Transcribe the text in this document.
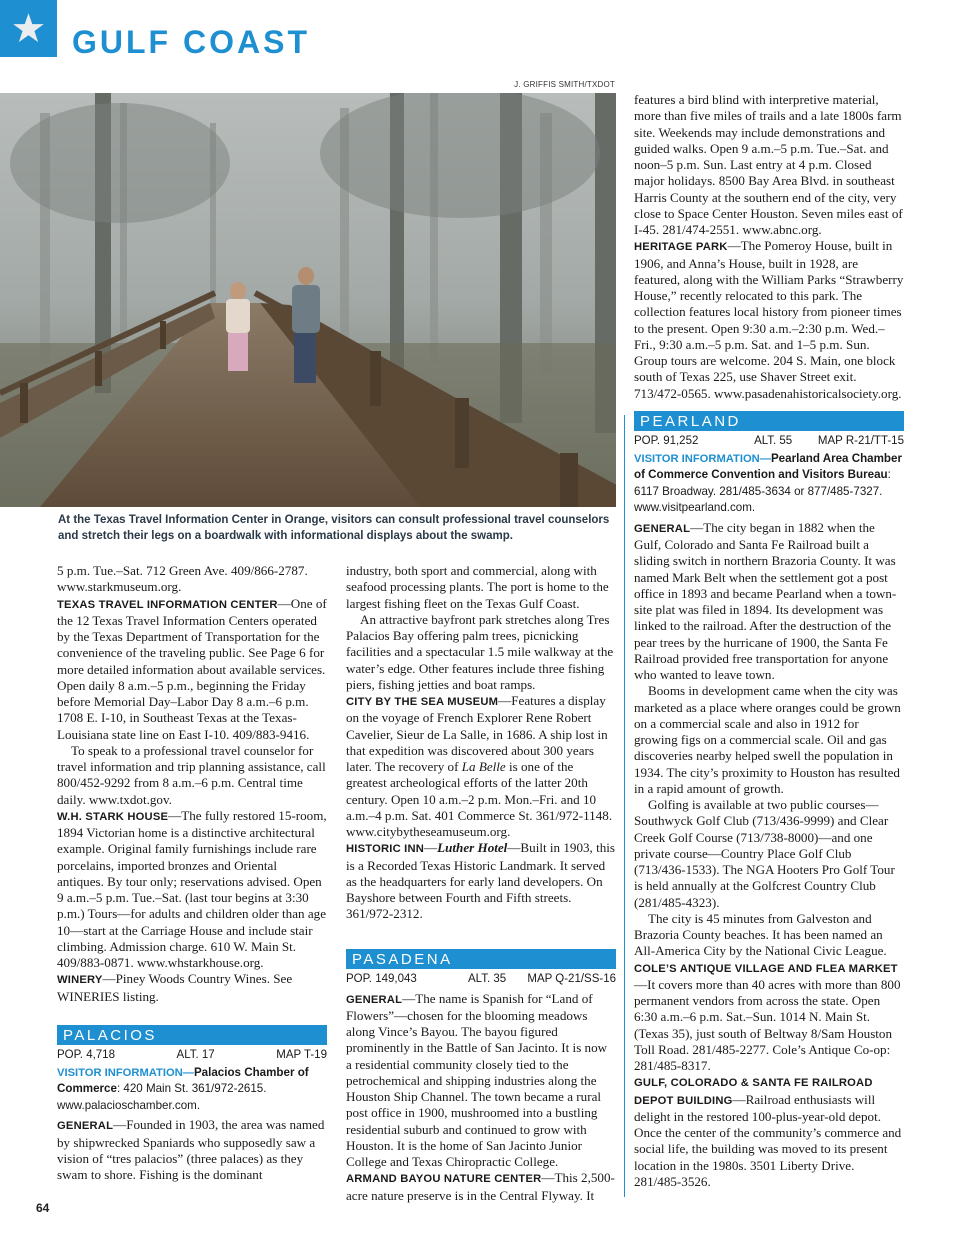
GULF COAST
J. GRIFFIS SMITH/TXDOT
At the Texas Travel Information Center in Orange, visitors can consult professional travel counselors and stretch their legs on a boardwalk with informational displays about the swamp.

5 p.m. Tue.–Sat. 712 Green Ave. 409/866-2787. www.starkmuseum.org.

TEXAS TRAVEL INFORMATION CENTER—One of the 12 Texas Travel Information Centers operated by the Texas Department of Transportation for the convenience of the traveling public. See Page 6 for more detailed information about available services. Open daily 8 a.m.–5 p.m., beginning the Friday before Memorial Day–Labor Day 8 a.m.–6 p.m. 1708 E. I-10, in Southeast Texas at the Texas-Louisiana state line on East I-10. 409/883-9416.

To speak to a professional travel counselor for travel information and trip planning assistance, call 800/452-9292 from 8 a.m.–6 p.m. Central time daily. www.txdot.gov.

W.H. STARK HOUSE—The fully restored 15-room, 1894 Victorian home is a distinctive architectural example. Original family furnishings include rare porcelains, imported bronzes and Oriental antiques. By tour only; reservations advised. Open 9 a.m.–5 p.m. Tue.–Sat. (last tour begins at 3:30 p.m.) Tours—for adults and children older than age 10—start at the Carriage House and include stair climbing. Admission charge. 610 W. Main St. 409/883-0871. www.whstarkhouse.org.

WINERY—Piney Woods Country Wines. See WINERIES listing.

PALACIOS
POP. 4,718	ALT. 17	MAP T-19

VISITOR INFORMATION—Palacios Chamber of Commerce: 420 Main St. 361/972-2615. www.palacioschamber.com.

GENERAL—Founded in 1903, the area was named by shipwrecked Spaniards who supposedly saw a vision of “tres palacios” (three palaces) as they swam to shore. Fishing is the dominant

industry, both sport and commercial, along with seafood processing plants. The port is home to the largest fishing fleet on the Texas Gulf Coast.

An attractive bayfront park stretches along Tres Palacios Bay offering palm trees, picnicking facilities and a spectacular 1.5 mile walkway at the water’s edge. Other features include three fishing piers, fishing jetties and boat ramps.

CITY BY THE SEA MUSEUM—Features a display on the voyage of French Explorer Rene Robert Cavelier, Sieur de La Salle, in 1686. A ship lost in that expedition was discovered about 300 years later. The recovery of La Belle is one of the greatest archeological efforts of the latter 20th century. Open 10 a.m.–2 p.m. Mon.–Fri. and 10 a.m.–4 p.m. Sat. 401 Commerce St. 361/972-1148. www.citybytheseamuseum.org.

HISTORIC INN—Luther Hotel—Built in 1903, this is a Recorded Texas Historic Landmark. It served as the headquarters for early land developers. On Bayshore between Fourth and Fifth streets. 361/972-2312.

PASADENA
POP. 149,043	ALT. 35 MAP Q-21/SS-16

GENERAL—The name is Spanish for “Land of Flowers”—chosen for the blooming meadows along Vince’s Bayou. The bayou figured prominently in the Battle of San Jacinto. It is now a residential community closely tied to the petrochemical and shipping industries along the Houston Ship Channel. The town became a rural post office in 1900, mushroomed into a bustling residential suburb and continued to grow with Houston. It is the home of San Jacinto Junior College and Texas Chiropractic College.

ARMAND BAYOU NATURE CENTER—This 2,500-acre nature preserve is in the Central Flyway. It

features a bird blind with interpretive material, more than five miles of trails and a late 1800s farm site. Weekends may include demonstrations and guided walks. Open 9 a.m.–5 p.m. Tue.–Sat. and noon–5 p.m. Sun. Last entry at 4 p.m. Closed major holidays. 8500 Bay Area Blvd. in southeast Harris County at the southern end of the city, very close to Space Center Houston. Seven miles east of I-45. 281/474-2551. www.abnc.org.

HERITAGE PARK—The Pomeroy House, built in 1906, and Anna’s House, built in 1928, are featured, along with the William Parks “Strawberry House,” recently relocated to this park. The collection features local history from pioneer times to the present. Open 9:30 a.m.–2:30 p.m. Wed.–Fri., 9:30 a.m.–5 p.m. Sat. and 1–5 p.m. Sun. Group tours are welcome. 204 S. Main, one block south of Texas 225, use Shaver Street exit. 713/472-0565. www.pasadenahistoricalsociety.org.

PEARLAND
POP. 91,252	ALT. 55 MAP R-21/TT-15

VISITOR INFORMATION—Pearland Area Chamber of Commerce Convention and Visitors Bureau: 6117 Broadway. 281/485-3634 or 877/485-7327. www.visitpearland.com.

GENERAL—The city began in 1882 when the Gulf, Colorado and Santa Fe Railroad built a sliding switch in northern Brazoria County. It was named Mark Belt when the settlement got a post office in 1893 and became Pearland when a town-site plat was filed in 1894. Its development was linked to the railroad. After the destruction of the pear trees by the hurricane of 1900, the Santa Fe Railroad provided free transportation for anyone who wanted to leave town.

Booms in development came when the city was marketed as a place where oranges could be grown on a commercial scale and also in 1912 for growing figs on a commercial scale. Oil and gas discoveries nearby helped swell the population in 1934. The city’s proximity to Houston has resulted in a rapid amount of growth.

Golfing is available at two public courses—Southwyck Golf Club (713/436-9999) and Clear Creek Golf Course (713/738-8000)—and one private course—Country Place Golf Club (713/436-1533). The NGA Hooters Pro Golf Tour is held annually at the Golfcrest Country Club (281/485-4323).

The city is 45 minutes from Galveston and Brazoria County beaches. It has been named an All-America City by the National Civic League.

COLE’S ANTIQUE VILLAGE AND FLEA MARKET—It covers more than 40 acres with more than 800 permanent vendors from across the state. Open 6:30 a.m.–6 p.m. Sat.–Sun. 1014 N. Main St. (Texas 35), just south of Beltway 8/Sam Houston Toll Road. 281/485-2277. Cole’s Antique Co-op: 281/485-8317.

GULF, COLORADO & SANTA FE RAILROAD DEPOT BUILDING—Railroad enthusiasts will delight in the restored 100-plus-year-old depot. Once the center of the community’s commerce and social life, the building was moved to its present location in the 1980s. 3501 Liberty Drive. 281/485-3526.

64
